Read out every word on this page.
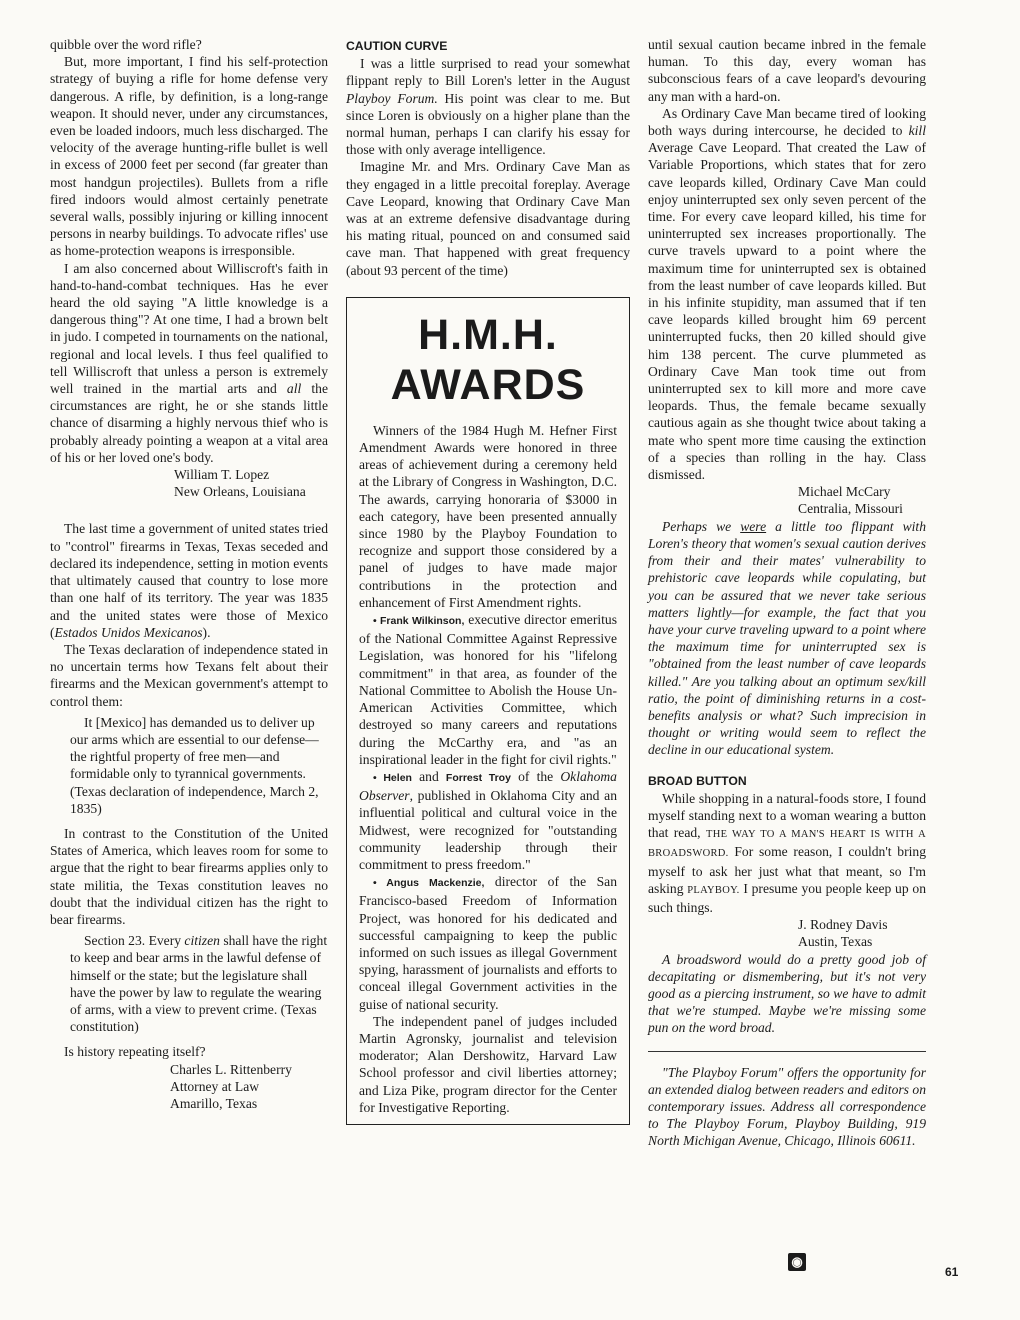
quibble over the word rifle?

But, more important, I find his self-protection strategy of buying a rifle for home defense very dangerous. A rifle, by definition, is a long-range weapon. It should never, under any circumstances, even be loaded indoors, much less discharged. The velocity of the average hunting-rifle bullet is well in excess of 2000 feet per second (far greater than most handgun projectiles). Bullets from a rifle fired indoors would almost certainly penetrate several walls, possibly injuring or killing innocent persons in nearby buildings. To advocate rifles' use as home-protection weapons is irresponsible.

I am also concerned about Williscroft's faith in hand-to-hand-combat techniques. Has he ever heard the old saying "A little knowledge is a dangerous thing"? At one time, I had a brown belt in judo. I competed in tournaments on the national, regional and local levels. I thus feel qualified to tell Williscroft that unless a person is extremely well trained in the martial arts and all the circumstances are right, he or she stands little chance of disarming a highly nervous thief who is probably already pointing a weapon at a vital area of his or her loved one's body.

William T. Lopez
New Orleans, Louisiana

The last time a government of united states tried to "control" firearms in Texas, Texas seceded and declared its independence, setting in motion events that ultimately caused that country to lose more than one half of its territory. The year was 1835 and the united states were those of Mexico (Estados Unidos Mexicanos).

The Texas declaration of independence stated in no uncertain terms how Texans felt about their firearms and the Mexican government's attempt to control them:

It [Mexico] has demanded us to deliver up our arms which are essential to our defense—the rightful property of free men—and formidable only to tyrannical governments. (Texas declaration of independence, March 2, 1835)

In contrast to the Constitution of the United States of America, which leaves room for some to argue that the right to bear firearms applies only to state militia, the Texas constitution leaves no doubt that the individual citizen has the right to bear firearms.

Section 23. Every citizen shall have the right to keep and bear arms in the lawful defense of himself or the state; but the legislature shall have the power by law to regulate the wearing of arms, with a view to prevent crime. (Texas constitution)

Is history repeating itself?

Charles L. Rittenberry
Attorney at Law
Amarillo, Texas
CAUTION CURVE

I was a little surprised to read your somewhat flippant reply to Bill Loren's letter in the August Playboy Forum. His point was clear to me. But since Loren is obviously on a higher plane than the normal human, perhaps I can clarify his essay for those with only average intelligence.

Imagine Mr. and Mrs. Ordinary Cave Man as they engaged in a little precoital foreplay. Average Cave Leopard, knowing that Ordinary Cave Man was at an extreme defensive disadvantage during his mating ritual, pounced on and consumed said cave man. That happened with great frequency (about 93 percent of the time)

H.M.H.
AWARDS

Winners of the 1984 Hugh M. Hefner First Amendment Awards were honored in three areas of achievement during a ceremony held at the Library of Congress in Washington, D.C. The awards, carrying honoraria of $3000 in each category, have been presented annually since 1980 by the Playboy Foundation to recognize and support those considered by a panel of judges to have made major contributions in the protection and enhancement of First Amendment rights.

• Frank Wilkinson, executive director emeritus of the National Committee Against Repressive Legislation, was honored for his "lifelong commitment" in that area, as founder of the National Committee to Abolish the House Un-American Activities Committee, which destroyed so many careers and reputations during the McCarthy era, and "as an inspirational leader in the fight for civil rights."

• Helen and Forrest Troy of the Oklahoma Observer, published in Oklahoma City and an influential political and cultural voice in the Midwest, were recognized for "outstanding community leadership through their commitment to press freedom."

• Angus Mackenzie, director of the San Francisco-based Freedom of Information Project, was honored for his dedicated and successful campaigning to keep the public informed on such issues as illegal Government spying, harassment of journalists and efforts to conceal illegal Government activities in the guise of national security.

The independent panel of judges included Martin Agronsky, journalist and television moderator; Alan Dershowitz, Harvard Law School professor and civil liberties attorney; and Liza Pike, program director for the Center for Investigative Reporting.

until sexual caution became inbred in the female human. To this day, every woman has subconscious fears of a cave leopard's devouring any man with a hard-on.

As Ordinary Cave Man became tired of looking both ways during intercourse, he decided to kill Average Cave Leopard. That created the Law of Variable Proportions, which states that for zero cave leopards killed, Ordinary Cave Man could enjoy uninterrupted sex only seven percent of the time. For every cave leopard killed, his time for uninterrupted sex increases proportionally. The curve travels upward to a point where the maximum time for uninterrupted sex is obtained from the least number of cave leopards killed. But in his infinite stupidity, man assumed that if ten cave leopards killed brought him 69 percent uninterrupted fucks, then 20 killed should give him 138 percent. The curve plummeted as Ordinary Cave Man took time out from uninterrupted sex to kill more and more cave leopards. Thus, the female became sexually cautious again as she thought twice about taking a mate who spent more time causing the extinction of a species than rolling in the hay. Class dismissed.

Michael McCary
Centralia, Missouri

Perhaps we were a little too flippant with Loren's theory that women's sexual caution derives from their and their mates' vulnerability to prehistoric cave leopards while copulating, but you can be assured that we never take serious matters lightly—for example, the fact that you have your curve traveling upward to a point where the maximum time for uninterrupted sex is "obtained from the least number of cave leopards killed." Are you talking about an optimum sex/kill ratio, the point of diminishing returns in a cost-benefits analysis or what? Such imprecision in thought or writing would seem to reflect the decline in our educational system.

BROAD BUTTON

While shopping in a natural-foods store, I found myself standing next to a woman wearing a button that read, THE WAY TO A MAN'S HEART IS WITH A BROADSWORD. For some reason, I couldn't bring myself to ask her just what that meant, so I'm asking PLAYBOY. I presume you people keep up on such things.

J. Rodney Davis
Austin, Texas

A broadsword would do a pretty good job of decapitating or dismembering, but it's not very good as a piercing instrument, so we have to admit that we're stumped. Maybe we're missing some pun on the word broad.

"The Playboy Forum" offers the opportunity for an extended dialog between readers and editors on contemporary issues. Address all correspondence to The Playboy Forum, Playboy Building, 919 North Michigan Avenue, Chicago, Illinois 60611.

◉
61
